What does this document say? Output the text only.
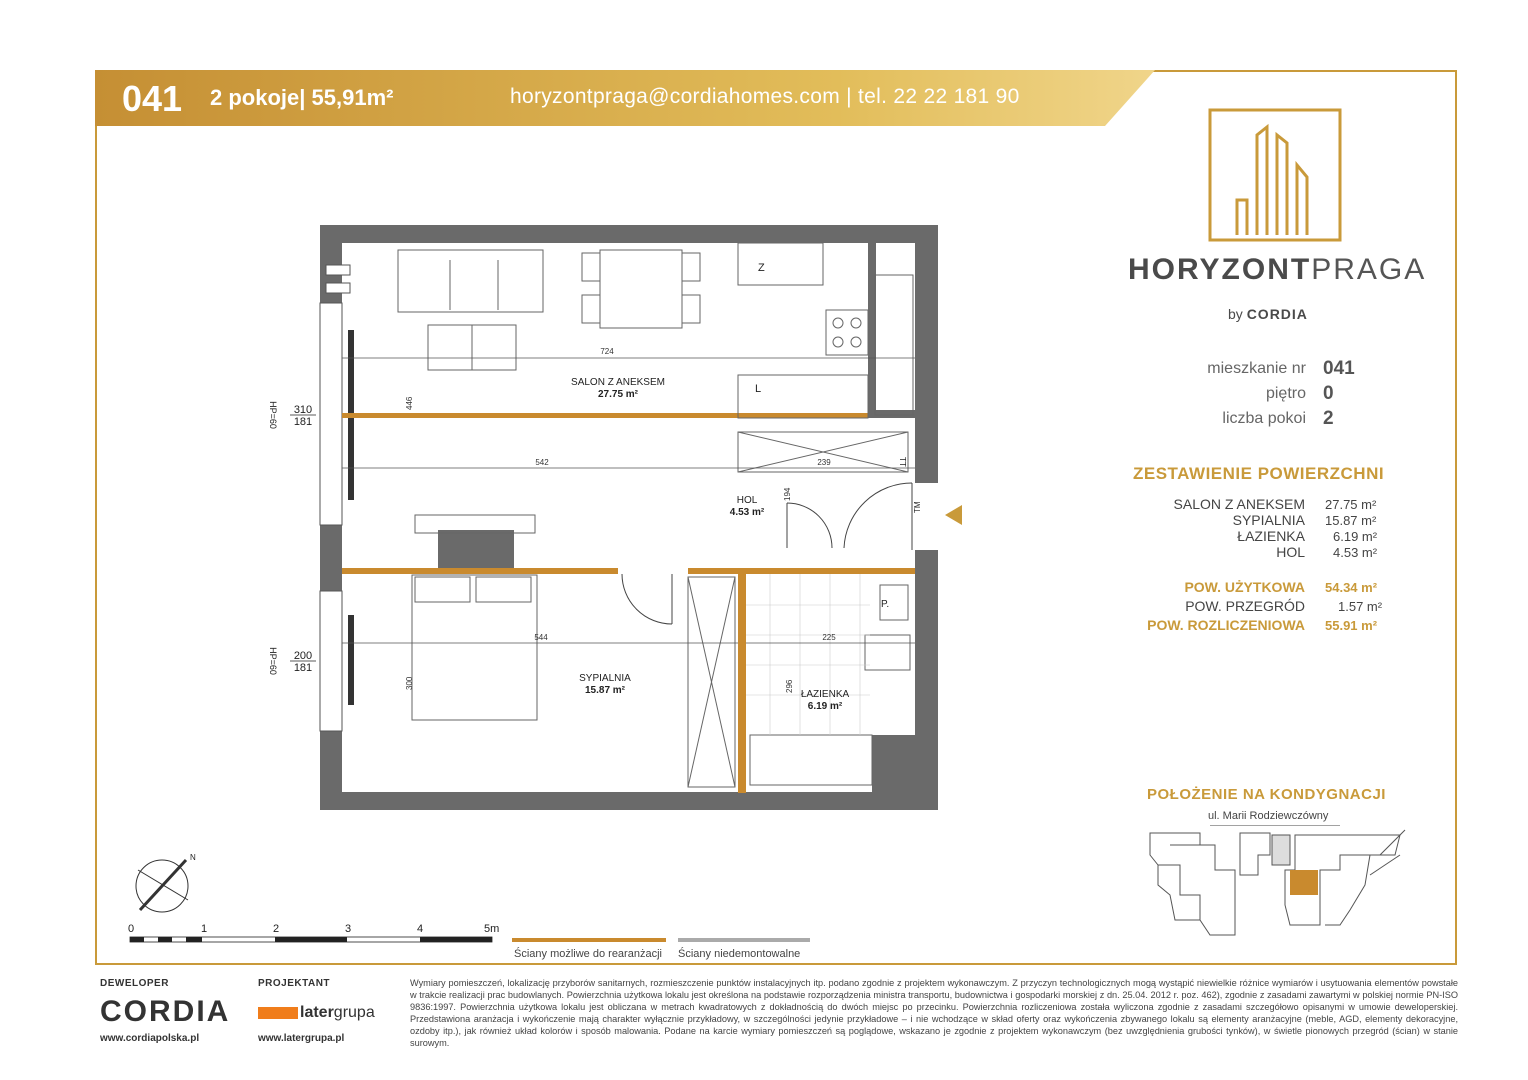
041 2 pokoje| 55,91m²	horyzontpraga@cordiahomes.com | tel. 22 22 181 90
HORYZONTPRAGA
by CORDIA
mieszkanie nr 041
piętro 0
liczba pokoi 2
ZESTAWIENIE POWIERZCHNI
SALON Z ANEKSEM 27.75 m²
SYPIALNIA 15.87 m²
ŁAZIENKA 6.19 m²
HOL 4.53 m²
POW. UŻYTKOWA 54.34 m²
POW. PRZEGRÓD	1.57 m²
POW. ROZLICZENIOWA 55.91 m²
POŁOŻENIE NA KONDYGNACJI
ul. Marii Rodziewczówny
SALON Z ANEKSEM
27.75 m²
HOL
4.53 m²
SYPIALNIA
15.87 m²	ŁAZIENKA
6.19 m²
724
446
542	239
194
544
300
225
296
310
181
HP=60
200
181
HP=60
Z
L
P.
TT
TM
N
0	1	2	3	4	5m
Ściany możliwe do rearanżacji Ściany niedemontowalne
DEWELOPER
CORDIA
www.cordiapolska.pl
PROJEKTANT
latergrupa
www.latergrupa.pl
Wymiary pomieszczeń, lokalizację przyborów sanitarnych, rozmieszczenie punktów instalacyjnych itp. podano zgodnie z projektem wykonawczym. Z przyczyn technologicznych mogą wystąpić niewielkie różnice wymiarów i usytuowania elementów powstałe w trakcie realizacji prac budowlanych. Powierzchnia użytkowa lokalu jest określona na podstawie rozporządzenia ministra transportu, budownictwa i gospodarki morskiej z dn. 25.04. 2012 r. poz. 462), zgodnie z zasadami zawartymi w polskiej normie PN-ISO 9836:1997. Powierzchnia użytkowa lokalu jest obliczana w metrach kwadratowych z dokładnością do dwóch miejsc po przecinku. Powierzchnia rozliczeniowa została wyliczona zgodnie z zasadami szczegółowo opisanymi w umowie deweloperskiej. Przedstawiona aranżacja i wykończenie mają charakter wyłącznie przykładowy, w szczególności jedynie przykładowe – i nie wchodzące w skład oferty oraz wykończenia zbywanego lokalu są elementy aranżacyjne (meble, AGD, elementy dekoracyjne, ozdoby itp.), jak również układ kolorów i sposób malowania. Podane na karcie wymiary pomieszczeń są poglądowe, wskazano je zgodnie z projektem wykonawczym (bez uwzględnienia grubości tynków), w świetle pionowych przegród (ścian) w stanie surowym.
